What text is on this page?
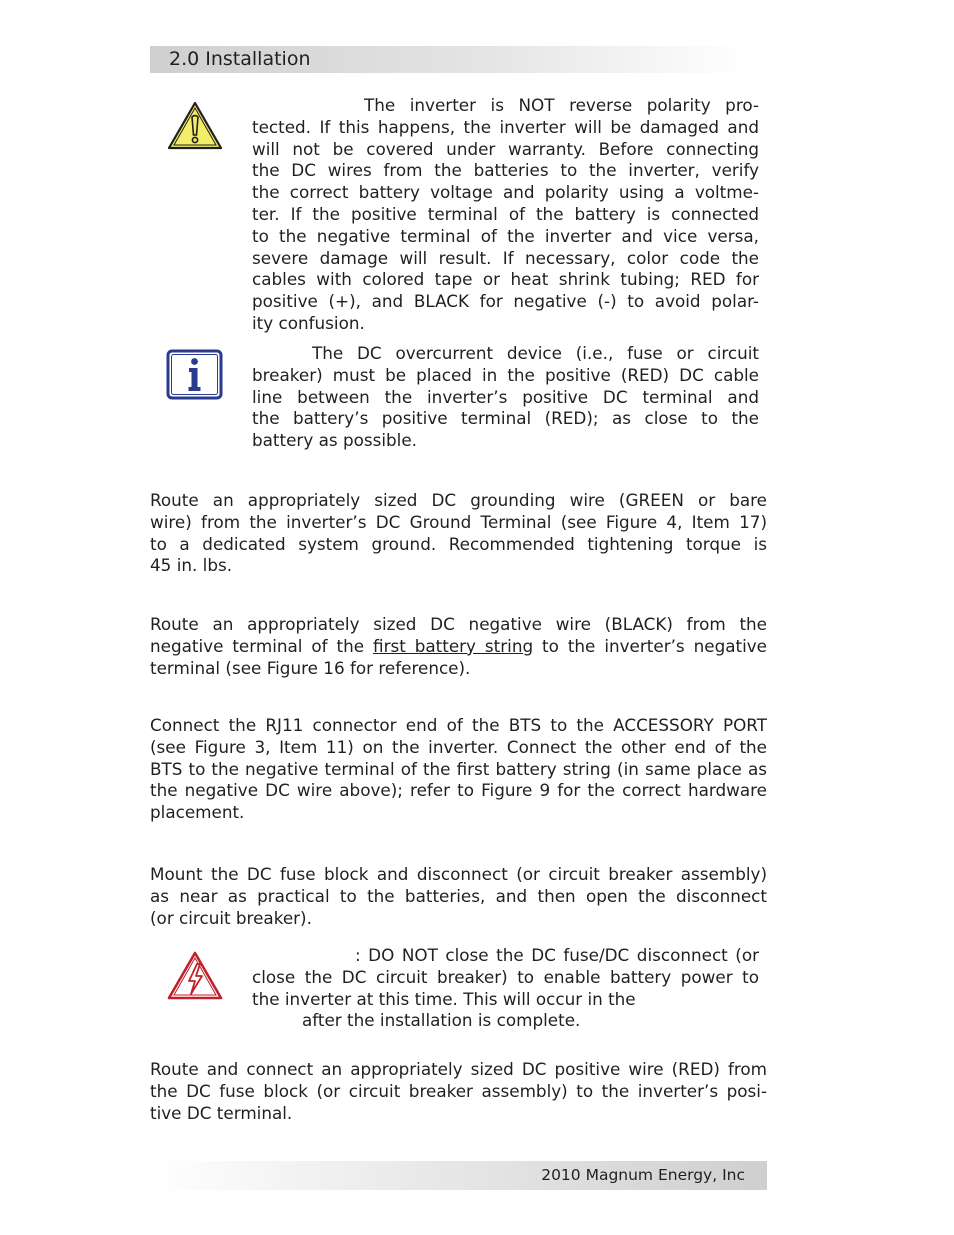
2.0 Installation
The inverter is NOT reverse polarity pro-
tected. If this happens, the inverter will be damaged and
will not be covered under warranty. Before connecting
the DC wires from the batteries to the inverter, verify
the correct battery voltage and polarity using a voltme-
ter. If the positive terminal of the battery is connected
to the negative terminal of the inverter and vice versa,
severe damage will result. If necessary, color code the
cables with colored tape or heat shrink tubing; RED for
positive (+), and BLACK for negative (-) to avoid polar-
ity confusion.
The DC overcurrent device (i.e., fuse or circuit
breaker) must be placed in the positive (RED) DC cable
line between the inverter’s positive DC terminal and
the battery’s positive terminal (RED); as close to the
battery as possible.
Route an appropriately sized DC grounding wire (GREEN or bare
wire) from the inverter’s DC Ground Terminal (see Figure 4, Item 17)
to a dedicated system ground. Recommended tightening torque is
45 in. lbs.
Route an appropriately sized DC negative wire (BLACK) from the
negative terminal of the first battery string to the inverter’s negative
terminal (see Figure 16 for reference).
Connect the RJ11 connector end of the BTS to the ACCESSORY PORT
(see Figure 3, Item 11) on the inverter. Connect the other end of the
BTS to the negative terminal of the first battery string (in same place as
the negative DC wire above); refer to Figure 9 for the correct hardware
placement.
Mount the DC fuse block and disconnect (or circuit breaker assembly)
as near as practical to the batteries, and then open the disconnect
(or circuit breaker).
: DO NOT close the DC fuse/DC disconnect (or
close the DC circuit breaker) to enable battery power to
the inverter at this time. This will occur in the
after the installation is complete.
Route and connect an appropriately sized DC positive wire (RED) from
the DC fuse block (or circuit breaker assembly) to the inverter’s posi-
tive DC terminal.
2010 Magnum Energy, Inc
